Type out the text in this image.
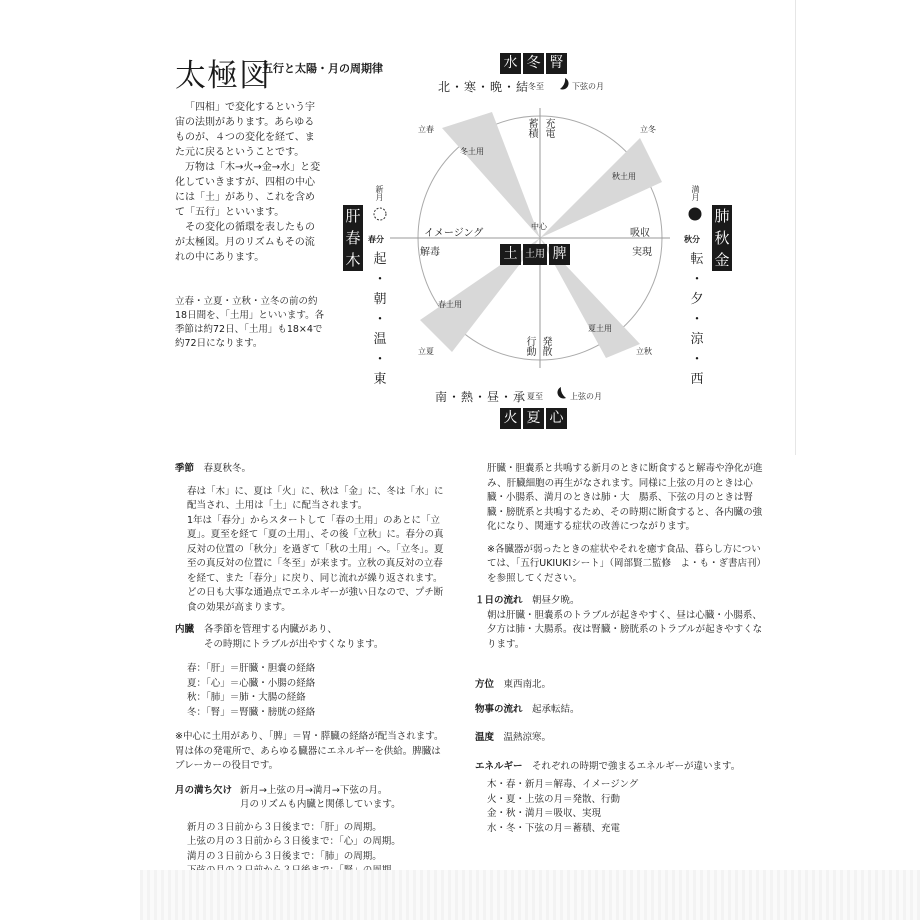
太極図
五行と太陽・月の周期律

「四相」で変化するという宇宙の法則があります。あらゆるものが、４つの変化を経て、また元に戻るということです。

万物は「木→火→金→水」と変化していきますが、四相の中心には「土」があり、これを含めて「五行」といいます。

その変化の循環を表したものが太極図。月のリズムもその流れの中にあります。

立春・立夏・立秋・立冬の前の約18日間を、「土用」といいます。各季節は約72日、「土用」も18×4で約72日になります。
水 冬 腎
北・寒・晩・結
冬至	下弦の月
南・熱・昼・承 夏至	上弦の月
火 夏 心
新月
肝
春
木
春分
起
・
朝
・
温
・
東
満月
肺
秋
金
秋分
転
・
夕
・
涼
・
西
立春	立冬
立夏	立秋
冬土用
秋土用
春土用
夏土用
充電
蓄積
吸収
実現
発散
行動
イメージング
解毒
中心
土 土用 脾

季節　 春夏秋冬。

春は「木」に、夏は「火」に、秋は「金」に、冬は「水」に配当され、土用は「土」に配当されます。

1年は「春分」からスタートして「春の土用」のあとに「立夏」。夏至を経て「夏の土用」、その後「立秋」に。春分の真反対の位置の「秋分」を過ぎて「秋の土用」へ。「立冬」。夏至の真反対の位置に「冬至」が来ます。立秋の真反対の立春を経て、また「春分」に戻り、同じ流れが繰り返されます。

どの日も大事な通過点でエネルギーが強い日なので、プチ断食の効果が高まります。

内臓 各季節を管理する内臓があり、
その時期にトラブルが出やすくなります。
春：「肝」＝肝臓・胆嚢の経絡
夏：「心」＝心臓・小腸の経絡
秋：「肺」＝肺・大腸の経絡
冬：「腎」＝腎臓・膀胱の経絡

※中心に土用があり、「脾」＝胃・膵臓の経絡が配当されます。胃は体の発電所で、あらゆる臓器にエネルギーを供給。脾臓はブレーカーの役目です。

月の満ち欠け 新月→上弦の月→満月→下弦の月。
月のリズムも内臓と関係しています。
新月の３日前から３日後まで：「肝」の周期。
上弦の月の３日前から３日後まで：「心」の周期。
満月の３日前から３日後まで：「肺」の周期。

肝臓・胆嚢系と共鳴する新月のときに断食すると解毒や浄化が進み、肝臓細胞の再生がなされます。同様に上弦の月のときは心臓・小腸系、満月のときは肺・大　腸系、下弦の月のときは腎臓・膀胱系と共鳴するため、その時期に断食すると、各内臓の強化になり、関連する症状の改善につながります。

※各臓器が弱ったときの症状やそれを癒す食品、暮らし方については、「五行UKIUKIシート」（岡部賢二監修　よ・も・ぎ書店刊）を参照してください。

１日の流れ　 朝昼夕晩。

朝は肝臓・胆嚢系のトラブルが起きやすく、昼は心臓・小腸系、夕方は肺・大腸系。夜は腎臓・膀胱系のトラブルが起きやすくなります。

方位　 東西南北。

物事の流れ　 起承転結。

温度　 温熱涼寒。

エネルギー　 それぞれの時期で強まるエネルギーが違います。

木・春・新月＝解毒、イメージング
火・夏・上弦の月＝発散、行動
金・秋・満月＝吸収、実現
水・冬・下弦の月＝蓄積、充電
